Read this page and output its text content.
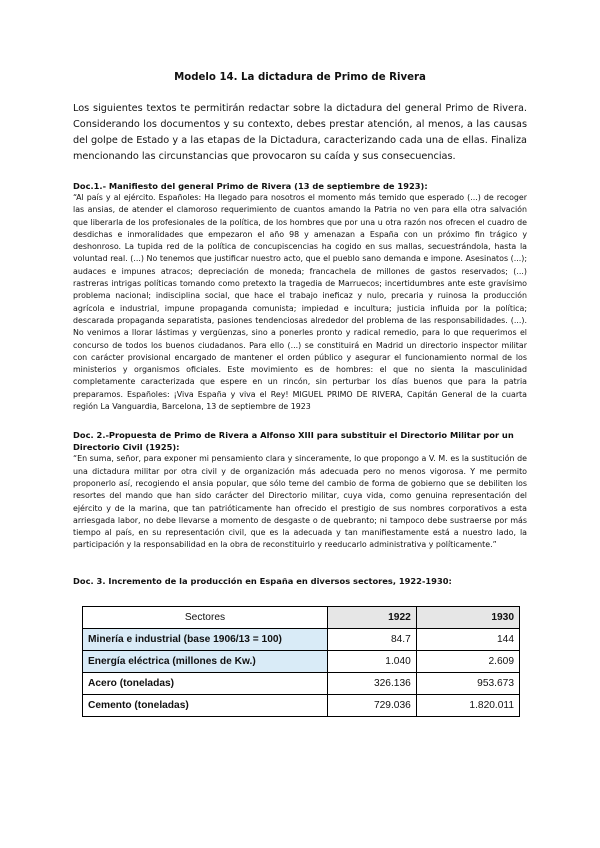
Modelo 14. La dictadura de Primo de Rivera

Los siguientes textos te permitirán redactar sobre la dictadura del general Primo de Rivera. Considerando los documentos y su contexto, debes prestar atención, al menos, a las causas del golpe de Estado y a las etapas de la Dictadura, caracterizando cada una de ellas. Finaliza mencionando las circunstancias que provocaron su caída y sus consecuencias.

Doc.1.- Manifiesto del general Primo de Rivera (13 de septiembre de 1923):

“Al país y al ejército. Españoles: Ha llegado para nosotros el momento más temido que esperado (...) de recoger las ansias, de atender el clamoroso requerimiento de cuantos amando la Patria no ven para ella otra salvación que liberarla de los profesionales de la política, de los hombres que por una u otra razón nos ofrecen el cuadro de desdichas e inmoralidades que empezaron el año 98 y amenazan a España con un próximo fin trágico y deshonroso. La tupida red de la política de concupiscencias ha cogido en sus mallas, secuestrándola, hasta la voluntad real. (...) No tenemos que justificar nuestro acto, que el pueblo sano demanda e impone. Asesinatos (...); audaces e impunes atracos; depreciación de moneda; francachela de millones de gastos reservados; (...) rastreras intrigas políticas tomando como pretexto la tragedia de Marruecos; incertidumbres ante este gravísimo problema nacional; indisciplina social, que hace el trabajo ineficaz y nulo, precaria y ruinosa la producción agrícola e industrial, impune propaganda comunista; impiedad e incultura; justicia influida por la política; descarada propaganda separatista, pasiones tendenciosas alrededor del problema de las responsabilidades. (...). No venimos a llorar lástimas y vergüenzas, sino a ponerles pronto y radical remedio, para lo que requerimos el concurso de todos los buenos ciudadanos. Para ello (...) se constituirá en Madrid un directorio inspector militar con carácter provisional encargado de mantener el orden público y asegurar el funcionamiento normal de los ministerios y organismos oficiales. Este movimiento es de hombres: el que no sienta la masculinidad completamente caracterizada que espere en un rincón, sin perturbar los días buenos que para la patria preparamos. Españoles: ¡Viva España y viva el Rey! MIGUEL PRIMO DE RIVERA, Capitán General de la cuarta región La Vanguardia, Barcelona, 13 de septiembre de 1923

Doc. 2.-Propuesta de Primo de Rivera a Alfonso XIII para substituir el Directorio Militar por un Directorio Civil (1925):

“En suma, señor, para exponer mi pensamiento clara y sinceramente, lo que propongo a V. M. es la sustitución de una dictadura militar por otra civil y de organización más adecuada pero no menos vigorosa. Y me permito proponerlo así, recogiendo el ansia popular, que sólo teme del cambio de forma de gobierno que se debiliten los resortes del mando que han sido carácter del Directorio militar, cuya vida, como genuina representación del ejército y de la marina, que tan patrióticamente han ofrecido el prestigio de sus nombres corporativos a esta arriesgada labor, no debe llevarse a momento de desgaste o de quebranto; ni tampoco debe sustraerse por más tiempo al país, en su representación civil, que es la adecuada y tan manifiestamente está a nuestro lado, la participación y la responsabilidad en la obra de reconstituirlo y reeducarlo administrativa y políticamente.”

Doc. 3. Incremento de la producción en España en diversos sectores, 1922-1930:

Sectores	1922	1930
Minería e industrial (base 1906/13 = 100)	84.7	144
Energía eléctrica (millones de Kw.)	1.040	2.609
Acero (toneladas)	326.136	953.673
Cemento (toneladas)	729.036	1.820.011
